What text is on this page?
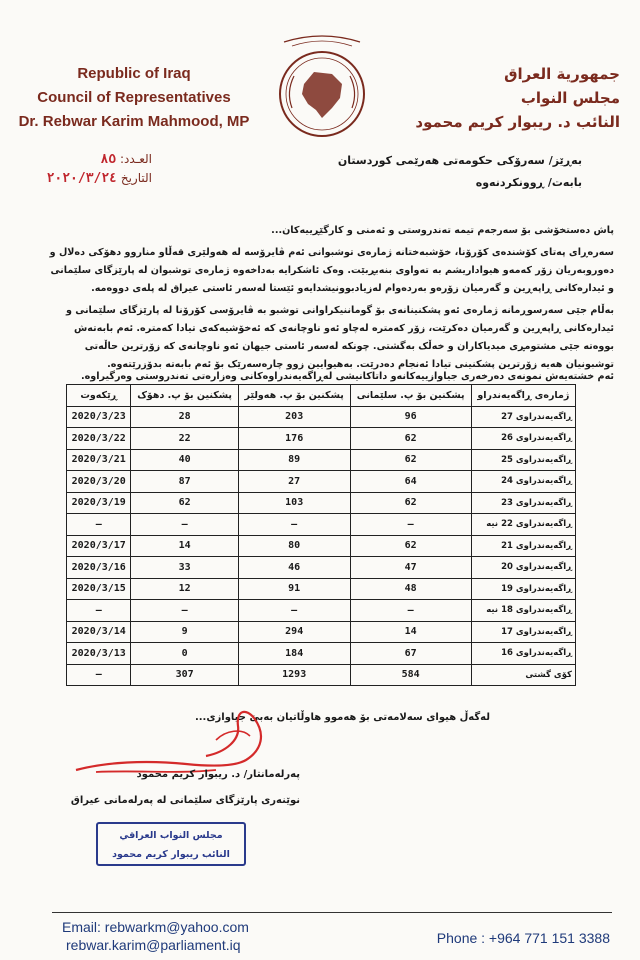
Republic of Iraq
Council of Representatives
Dr. Rebwar Karim Mahmood, MP
جمهورية العراق
مجلس النواب
النائب د. ريبوار كريم محمود
العـدد: ٨٥
التاريخ ٢٠٢٠/٣/٢٤
بەڕێز/ سەرۆکی حکومەتی هەرێمی کوردستان
بابەت/ ڕوونکردنەوە
پاش دەستخۆشی بۆ سەرجەم تیمە تەندروستی و ئەمنی و کارگێڕییەکان...
سەرەڕای پەتای کۆشندەی کۆرۆنا، خۆشبەختانە ژمارەی توشبوانی ئەم ڤایرۆسە لە هەولێری قەڵاو مناروو دهۆکی دەلال و
دەوروبەریان زۆر کەمەو هیواداریشم بە تەواوی بنەبڕبێت. وەک ئاشکرایە بەداخەوە ژمارەی توشبوان لە پارێزگای سلێمانی
و ئیدارەکانی ڕاپەڕین و گەرمیان زۆرەو بەردەوام لەزیادبوونیشدایەو ئێستا لەسەر ئاستی عیراق لە پلەی دووەمە.
بەڵام جێی سەرسوڕمانە ژمارەی ئەو پشکنینانەی بۆ گوماننیکراوانی توشبو بە ڤایرۆسی کۆرۆنا لە پارێزگای سلێمانی و
ئیدارەکانی ڕاپەڕین و گەرمیان دەکرێت، زۆر کەمترە لەچاو ئەو ناوچانەی کە ئەخۆشیەکەی تیادا کەمترە. ئەم بابەتەش
بووەتە جێی مشتومڕی میدیاکاران و خەڵک بەگشتی. چونکە لەسەر ئاستی جیهان ئەو ناوچانەی کە زۆرترین حاڵەتی
توشبونیان هەیە زۆرترین پشکنینی تیادا ئەنجام دەدرێت. بەهیوایین زوو چارەسەرێک بۆ ئەم بابەتە بدۆزرێتەوە.
ئەم خشتەیەش نمونەی دەرخەری جیاوازییەکانەو داتاکانیشی لەڕاگەیەندراوەکانی وەزارەتی تەندروستی وەرگیراوە.
ژمارەی ڕاگەیەندراو	پشکنین بۆ پ. سلێمانی	پشکنین بۆ پ. هەولێر	پشکنین بۆ پ. دهۆک	ڕێکەوت
ڕاگەیەندراوی 27	96	203	28	2020/3/23
ڕاگەیەندراوی 26	62	176	22	2020/3/22
ڕاگەیەندراوی 25	62	89	40	2020/3/21
ڕاگەیەندراوی 24	64	27	87	2020/3/20
ڕاگەیەندراوی 23	62	103	62	2020/3/19
ڕاگەیەندراوی 22 نیە	–	–	–	–
ڕاگەیەندراوی 21	62	80	14	2020/3/17
ڕاگەیەندراوی 20	47	46	33	2020/3/16
ڕاگەیەندراوی 19	48	91	12	2020/3/15
ڕاگەیەندراوی 18 نیە	–	–	–	–
ڕاگەیەندراوی 17	14	294	9	2020/3/14
ڕاگەیەندراوی 16	67	184	0	2020/3/13
کۆی گشتی	584	1293	307	–
لەگەڵ هیوای سەلامەتی بۆ هەموو هاوڵاتیان بەبێ جیاوازی...
پەرلەمانتار/ د. ریبوار کریم محمود
نوێنەری پارێزگای سلێمانی لە پەرلەمانی عیراق
مجلس النواب العراقي
النائب ريبوار كريم محمود
Email: rebwarkm@yahoo.com
rebwar.karim@parliament.iq	Phone : +964 771 151 3388
